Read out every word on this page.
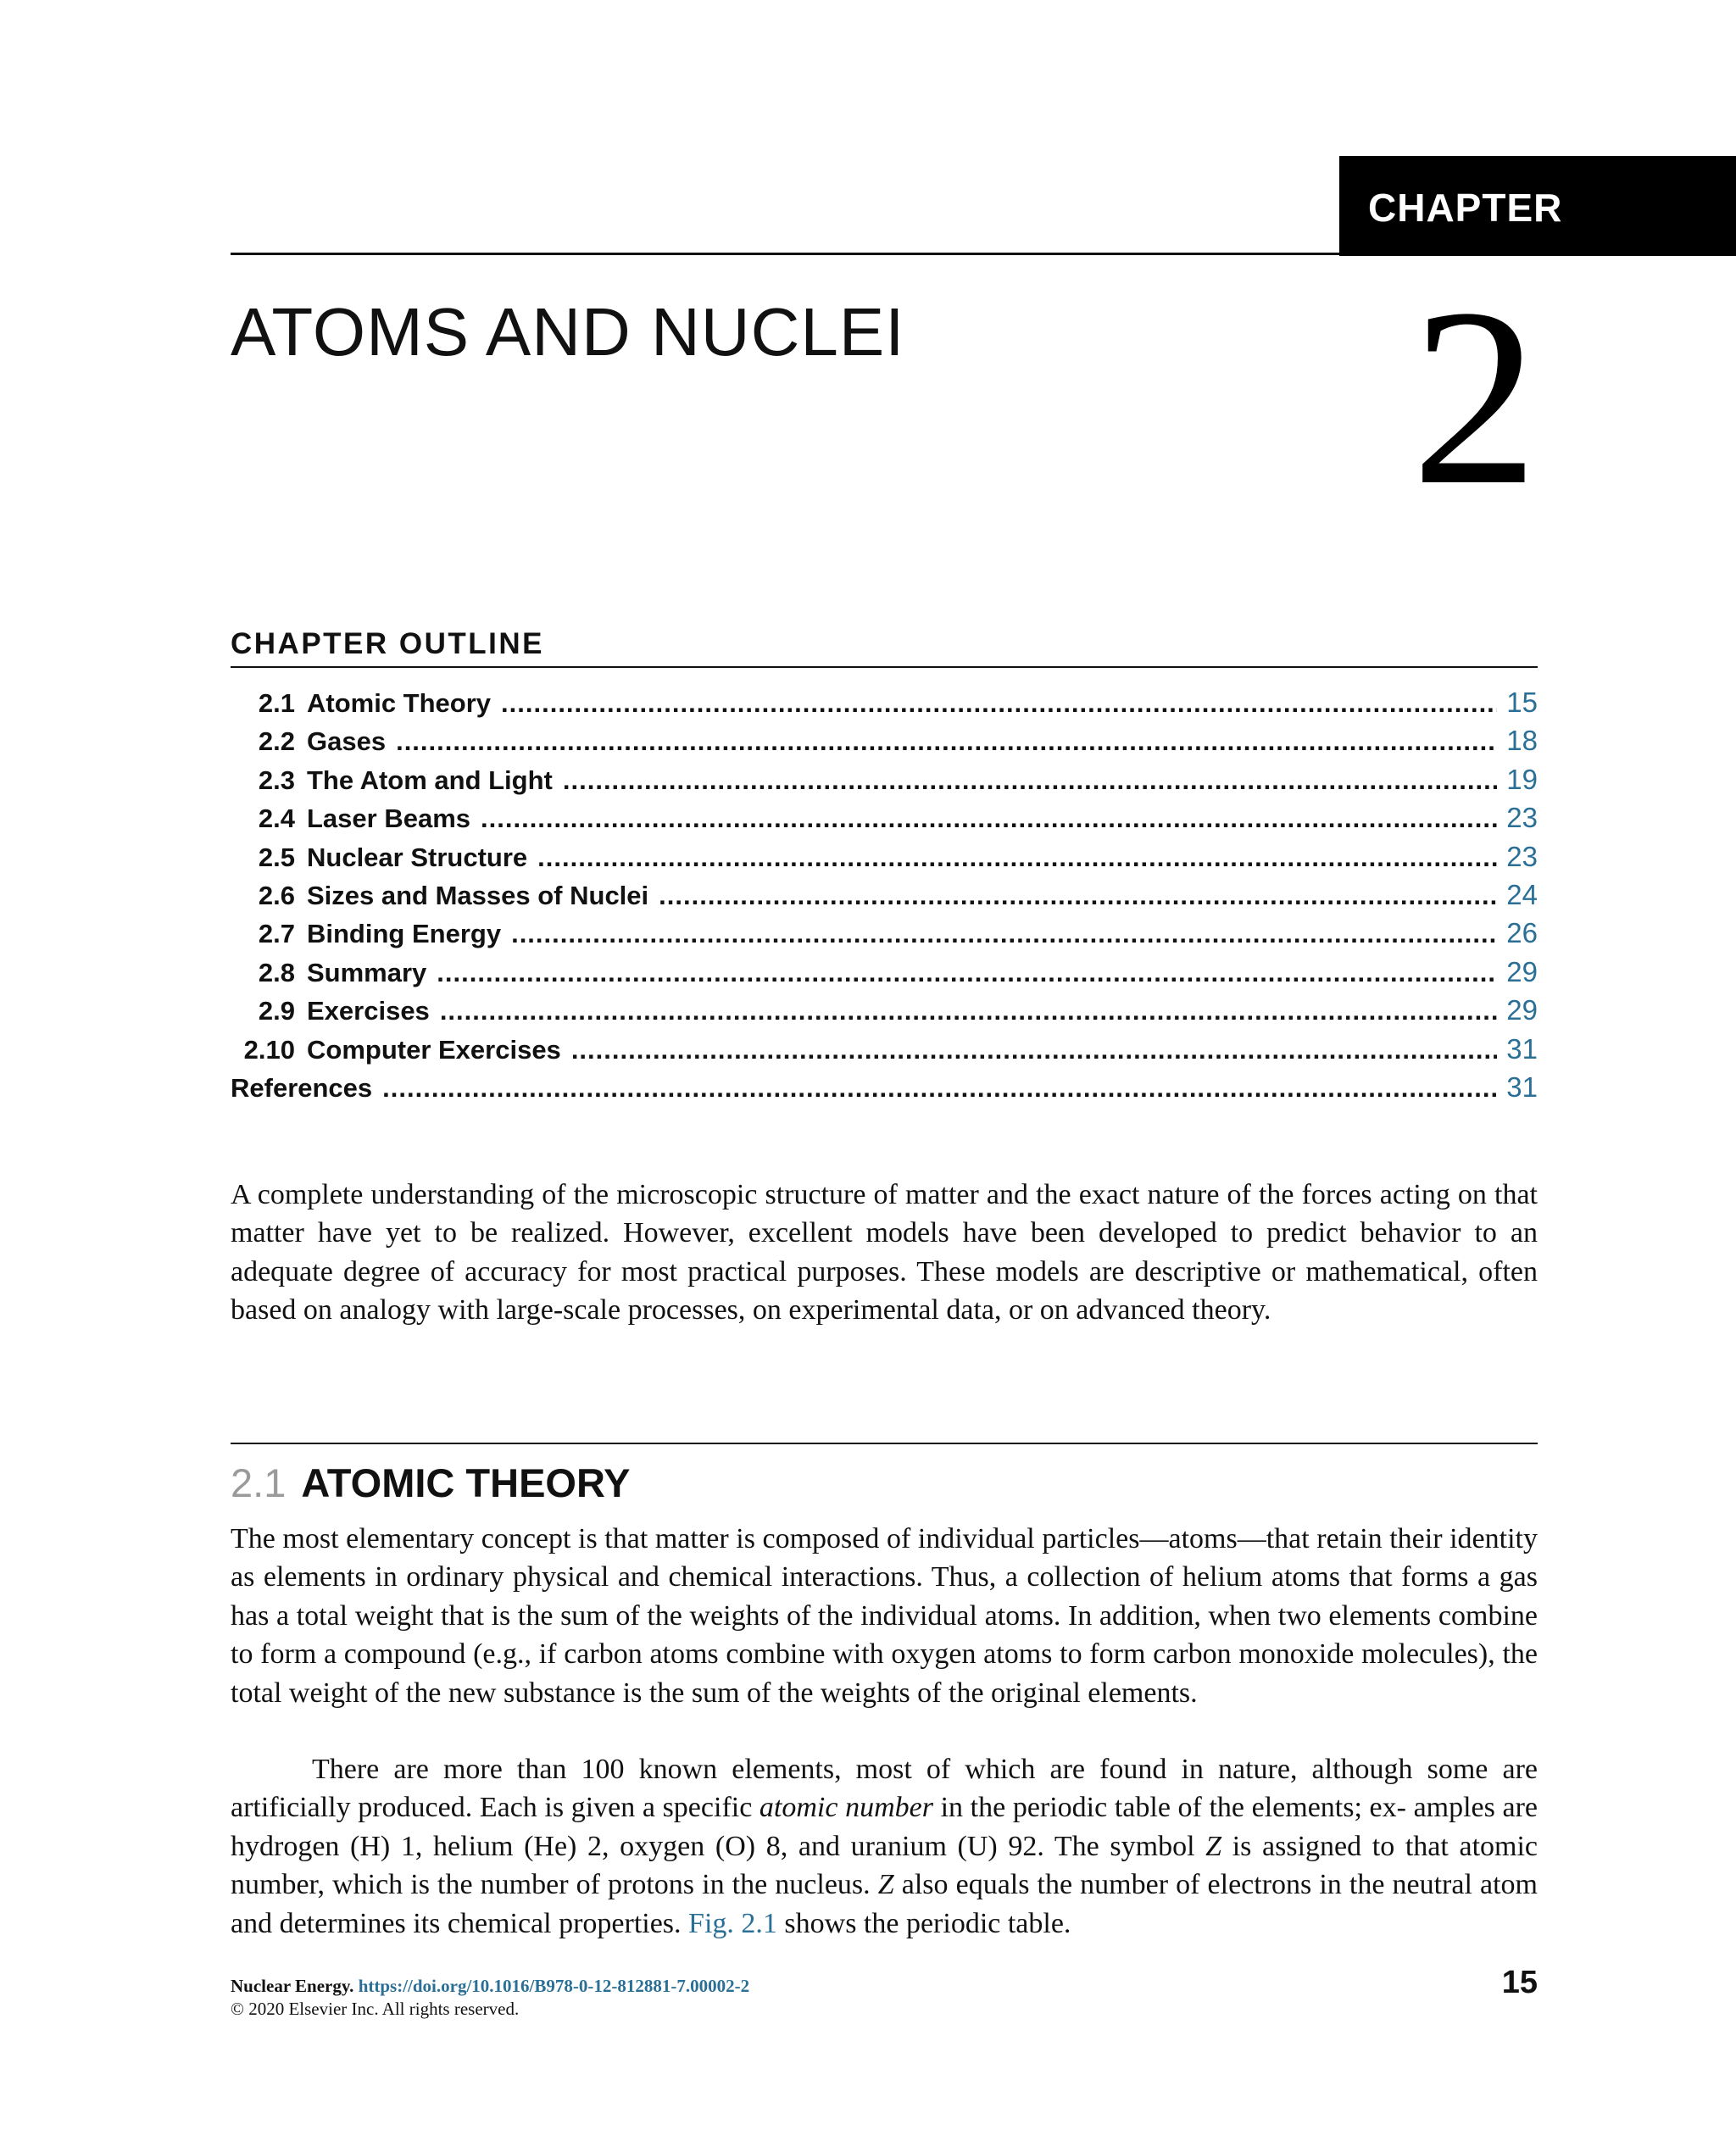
CHAPTER
ATOMS AND NUCLEI 2
CHAPTER OUTLINE
2.1 Atomic Theory .....	15
2.2 Gases .....	18
2.3 The Atom and Light .....	19
2.4 Laser Beams .....	23
2.5 Nuclear Structure .....	23
2.6 Sizes and Masses of Nuclei .....	24
2.7 Binding Energy .....	26
2.8 Summary .....	29
2.9 Exercises .....	29
2.10 Computer Exercises .....	31
References .....	31

A complete understanding of the microscopic structure of matter and the exact nature of the forces acting on that matter have yet to be realized. However, excellent models have been developed to predict behavior to an adequate degree of accuracy for most practical purposes. These models are descriptive or mathematical, often based on analogy with large-scale processes, on experimental data, or on advanced theory.

2.1 ATOMIC THEORY

The most elementary concept is that matter is composed of individual particles—atoms—that retain their identity as elements in ordinary physical and chemical interactions. Thus, a collection of helium atoms that forms a gas has a total weight that is the sum of the weights of the individual atoms. In addition, when two elements combine to form a compound (e.g., if carbon atoms combine with oxygen atoms to form carbon monoxide molecules), the total weight of the new substance is the sum of the weights of the original elements.

There are more than 100 known elements, most of which are found in nature, although some are artificially produced. Each is given a specific atomic number in the periodic table of the elements; ex- amples are hydrogen (H) 1, helium (He) 2, oxygen (O) 8, and uranium (U) 92. The symbol Z is assigned to that atomic number, which is the number of protons in the nucleus. Z also equals the number of electrons in the neutral atom and determines its chemical properties. Fig. 2.1 shows the periodic table.

Nuclear Energy. https://doi.org/10.1016/B978-0-12-812881-7.00002-2
© 2020 Elsevier Inc. All rights reserved.
15
